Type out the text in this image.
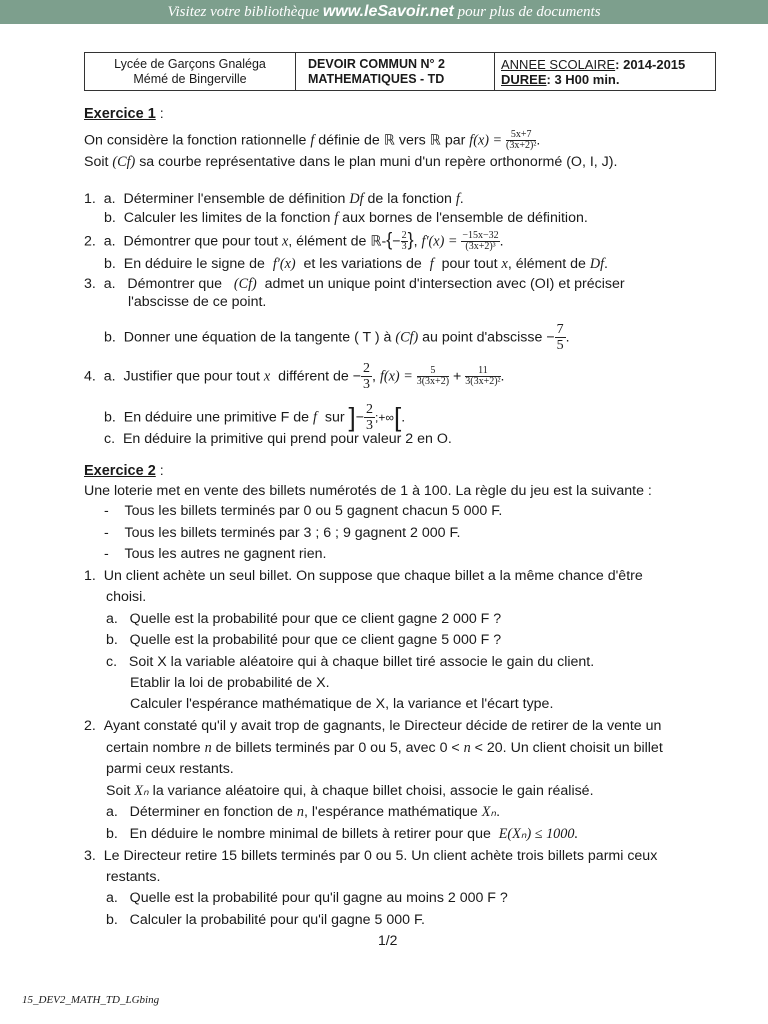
Visitez votre bibliothèque www.leSavoir.net pour plus de documents
Lycée de Garçons Gnaléga
Mémé de Bingerville
DEVOIR COMMUN N° 2
MATHEMATIQUES - TD
ANNEE SCOLAIRE: 2014-2015
DUREE: 3 H00 min.
Exercice 1 :
On considère la fonction rationnelle f définie de ℝ vers ℝ par $f(x) = \frac{5x+7}{\text{(3x+2)²}}$ .
Soit (Cf) sa courbe représentative dans le plan muni d'un repère orthonormé (O, I, J).
1. a. Déterminer l'ensemble de définition Df de la fonction f.
b. Calculer les limites de la fonction f aux bornes de l'ensemble de définition.
2. a. Démontrer que pour tout x, élément de ℝ-{− $\frac{2}{3}$ }, $f'(x) = \frac{-15x-32}{\text{(3x+2)³}}$ .
b. En déduire le signe de  f′(x)  et les variations de  f  pour tout x, élément de Df.
3. a. Démontrer que   (Cf)  admet un unique point d'intersection avec (OI) et préciser
l'abscisse de ce point.
b. Donner une équation de la tangente ( T ) à (Cf) au point d'abscisse − $\frac{7}{5}$ .
4. a. Justifier que pour tout x  différent de − $\frac{2}{3}$ , $f(x) = \frac{5}{3(3x+2)} + \frac{11}{\text{3(3x+2)²}}$ .
b. En déduire une primitive F de f  sur ]− $\frac{2}{3}$ ;+∞[.
c. En déduire la primitive qui prend pour valeur 2 en O.
Exercice 2 :
Une loterie met en vente des billets numérotés de 1 à 100. La règle du jeu est la suivante :
- Tous les billets terminés par 0 ou 5 gagnent chacun 5 000 F.
- Tous les billets terminés par 3 ; 6 ; 9 gagnent 2 000 F.
- Tous les autres ne gagnent rien.
1. Un client achète un seul billet. On suppose que chaque billet a la même chance d'être
choisi.
a. Quelle est la probabilité pour que ce client gagne 2 000 F ?
b. Quelle est la probabilité pour que ce client gagne 5 000 F ?
c. Soit X la variable aléatoire qui à chaque billet tiré associe le gain du client.
Etablir la loi de probabilité de X.
Calculer l'espérance mathématique de X, la variance et l'écart type.
2. Ayant constaté qu'il y avait trop de gagnants, le Directeur décide de retirer de la vente un
certain nombre n de billets terminés par 0 ou 5, avec 0 < n < 20. Un client choisit un billet
parmi ceux restants.
Soit Xₙ la variance aléatoire qui, à chaque billet choisi, associe le gain réalisé.
a. Déterminer en fonction de n, l'espérance mathématique Xₙ.
b. En déduire le nombre minimal de billets à retirer pour que  E(Xₙ) ≤ 1000.
3. Le Directeur retire 15 billets terminés par 0 ou 5. Un client achète trois billets parmi ceux
restants.
a. Quelle est la probabilité pour qu'il gagne au moins 2 000 F ?
b. Calculer la probabilité pour qu'il gagne 5 000 F.
1/2
15_DEV2_MATH_TD_LGbing
